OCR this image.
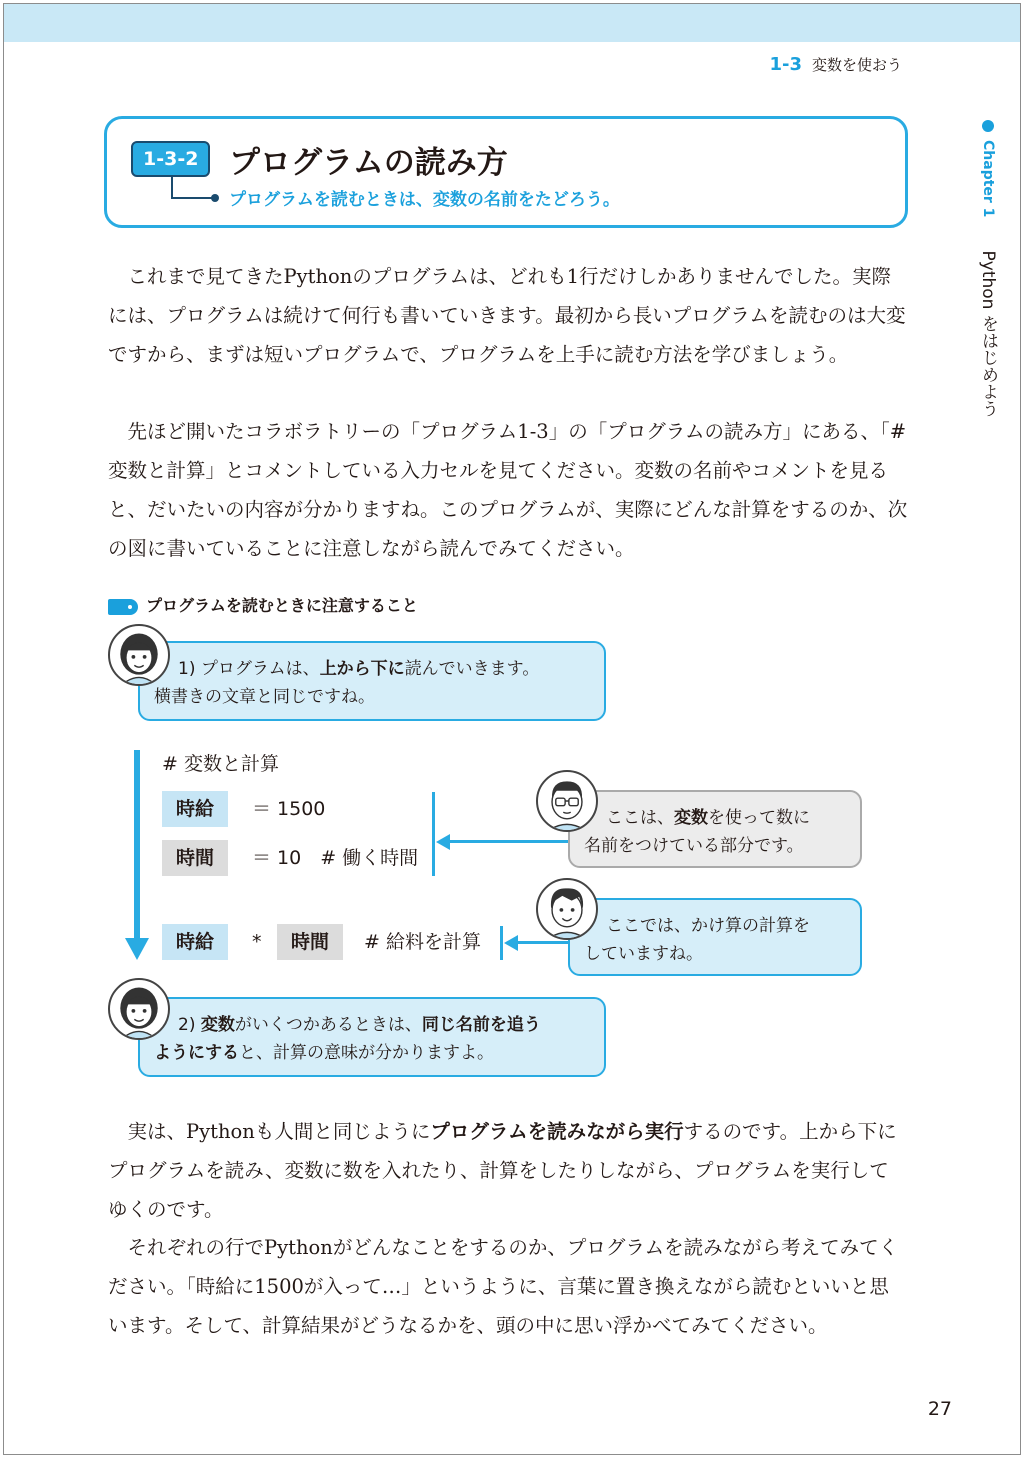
1-3 変数を使おう
Chapter 1 Python をはじめよう
1-3-2 プログラムの読み方
プログラムを読むときは、変数の名前をたどろう。

これまで見てきたPythonのプログラムは、どれも1行だけしかありませんでした。実際には、プログラムは続けて何行も書いていきます。最初から長いプログラムを読むのは大変ですから、まずは短いプログラムで、プログラムを上手に読む方法を学びましょう。

先ほど開いたコラボラトリーの「プログラム1-3」の「プログラムの読み方」にある、「# 変数と計算」とコメントしている入力セルを見てください。変数の名前やコメントを見ると、だいたいの内容が分かりますね。このプログラムが、実際にどんな計算をするのか、次の図に書いていることに注意しながら読んでみてください。

プログラムを読むときに注意すること
1) プログラムは、上から下に読んでいきます。
横書きの文章と同じですね。
# 変数と計算
時給	＝ 1500
時間	＝ 10　# 働く時間
時給	*	時間	# 給料を計算
ここは、変数を使って数に
名前をつけている部分です。
ここでは、かけ算の計算を
していますね。
2) 変数がいくつかあるときは、同じ名前を追う
ようにすると、計算の意味が分かりますよ。

実は、Pythonも人間と同じようにプログラムを読みながら実行するのです。上から下にプログラムを読み、変数に数を入れたり、計算をしたりしながら、プログラムを実行してゆくのです。

それぞれの行でPythonがどんなことをするのか、プログラムを読みながら考えてみてください。「時給に1500が入って…」というように、言葉に置き換えながら読むといいと思います。そして、計算結果がどうなるかを、頭の中に思い浮かべてみてください。

27
